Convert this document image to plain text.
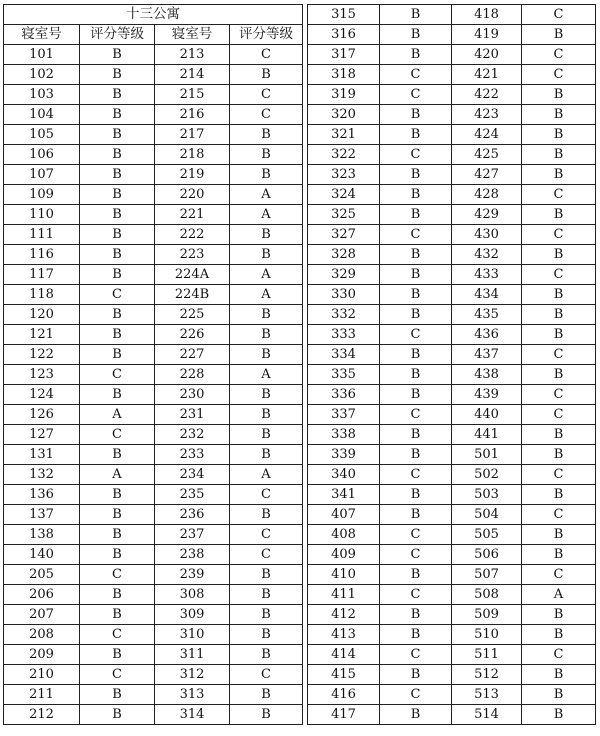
十三公寓					315	B	418	C
寝室号	评分等级	寝室号	评分等级		316	B	419	B
101	B	213	C		317	B	420	C
102	B	214	B		318	C	421	C
103	B	215	C		319	C	422	B
104	B	216	C		320	B	423	B
105	B	217	B		321	B	424	B
106	B	218	B		322	C	425	B
107	B	219	B		323	B	427	B
109	B	220	A		324	B	428	C
110	B	221	A		325	B	429	B
111	B	222	B		327	C	430	C
116	B	223	B		328	B	432	B
117	B	224A	A		329	B	433	C
118	C	224B	A		330	B	434	B
120	B	225	B		332	B	435	B
121	B	226	B		333	C	436	B
122	B	227	B		334	B	437	C
123	C	228	A		335	B	438	B
124	B	230	B		336	B	439	C
126	A	231	B		337	C	440	C
127	C	232	B		338	B	441	B
131	B	233	B		339	B	501	B
132	A	234	A		340	C	502	C
136	B	235	C		341	B	503	B
137	B	236	B		407	B	504	C
138	B	237	C		408	C	505	B
140	B	238	C		409	C	506	B
205	C	239	B		410	B	507	C
206	B	308	B		411	C	508	A
207	B	309	B		412	B	509	B
208	C	310	B		413	B	510	B
209	B	311	B		414	C	511	C
210	C	312	C		415	B	512	B
211	B	313	B		416	C	513	B
212	B	314	B		417	B	514	B
